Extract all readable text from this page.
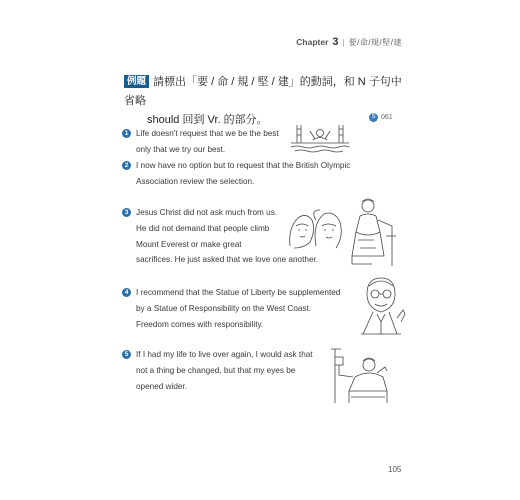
Chapter 3 | 要/命/規/堅/建
例題 請標出「要 / 命 / 規 / 堅 / 建」的動詞，和 N 子句中省略
should 回到 Vr. 的部分。	S 061
1 Life doesn't request that we be the best
only that we try our best.
2 I now have no option but to request that the British Olympic
Association review the selection.
3 Jesus Christ did not ask much from us.
He did not demand that people climb
Mount Everest or make great
sacrifices. He just asked that we love one another.
4 I recommend that the Statue of Liberty be supplemented
by a Statue of Responsibility on the West Coast.
Freedom comes with responsibility.
5 If I had my life to live over again, I would ask that
not a thing be changed, but that my eyes be
opened wider.
105
